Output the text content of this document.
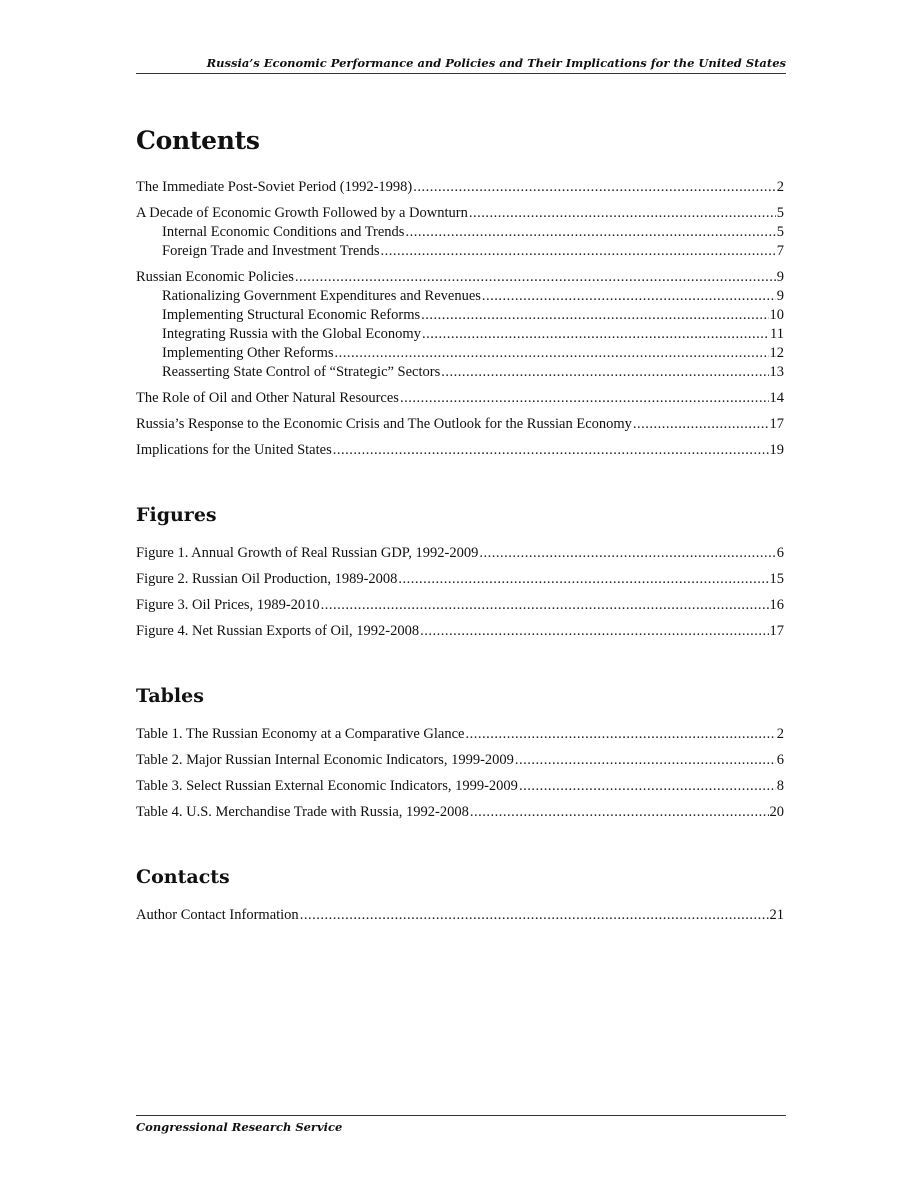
Russia’s Economic Performance and Policies and Their Implications for the United States
Contents
The Immediate Post-Soviet Period (1992-1998) .....	2
A Decade of Economic Growth Followed by a Downturn .....	5
Internal Economic Conditions and Trends .....	5
Foreign Trade and Investment Trends .....	7
Russian Economic Policies .....	9
Rationalizing Government Expenditures and Revenues .....	9
Implementing Structural Economic Reforms .....	10
Integrating Russia with the Global Economy .....	11
Implementing Other Reforms .....	12
Reasserting State Control of “Strategic” Sectors .....	13
The Role of Oil and Other Natural Resources .....	14
Russia’s Response to the Economic Crisis and The Outlook for the Russian Economy .....	17
Implications for the United States .....	19
Figures
Figure 1. Annual Growth of Real Russian GDP, 1992-2009 .....	6
Figure 2. Russian Oil Production, 1989-2008 .....	15
Figure 3. Oil Prices, 1989-2010 .....	16
Figure 4. Net Russian Exports of Oil, 1992-2008 .....	17
Tables
Table 1. The Russian Economy at a Comparative Glance .....	2
Table 2. Major Russian Internal Economic Indicators, 1999-2009 .....	6
Table 3. Select Russian External Economic Indicators, 1999-2009 .....	8
Table 4. U.S. Merchandise Trade with Russia, 1992-2008 .....	20
Contacts
Author Contact Information .....	21
Congressional Research Service
